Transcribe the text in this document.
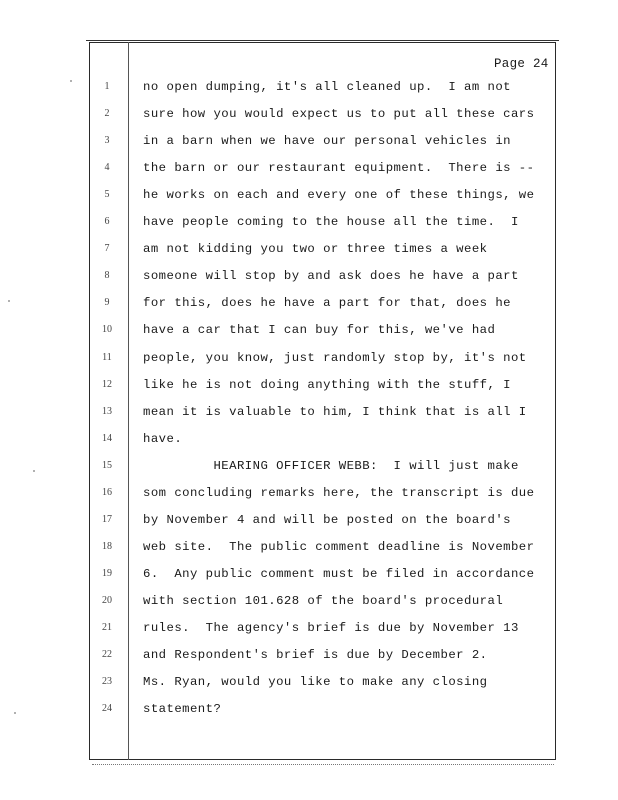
Page 24
1	no open dumping, it's all cleaned up.  I am not
2	sure how you would expect us to put all these cars
3	in a barn when we have our personal vehicles in
4	the barn or our restaurant equipment.  There is --
5	he works on each and every one of these things, we
6	have people coming to the house all the time.  I
7	am not kidding you two or three times a week
8	someone will stop by and ask does he have a part
9	for this, does he have a part for that, does he
10	have a car that I can buy for this, we've had
11	people, you know, just randomly stop by, it's not
12	like he is not doing anything with the stuff, I
13	mean it is valuable to him, I think that is all I
14	have.
15	HEARING OFFICER WEBB:  I will just make
16	som concluding remarks here, the transcript is due
17	by November 4 and will be posted on the board's
18	web site.  The public comment deadline is November
19	6.  Any public comment must be filed in accordance
20	with section 101.628 of the board's procedural
21	rules.  The agency's brief is due by November 13
22	and Respondent's brief is due by December 2.
23	Ms. Ryan, would you like to make any closing
24	statement?
